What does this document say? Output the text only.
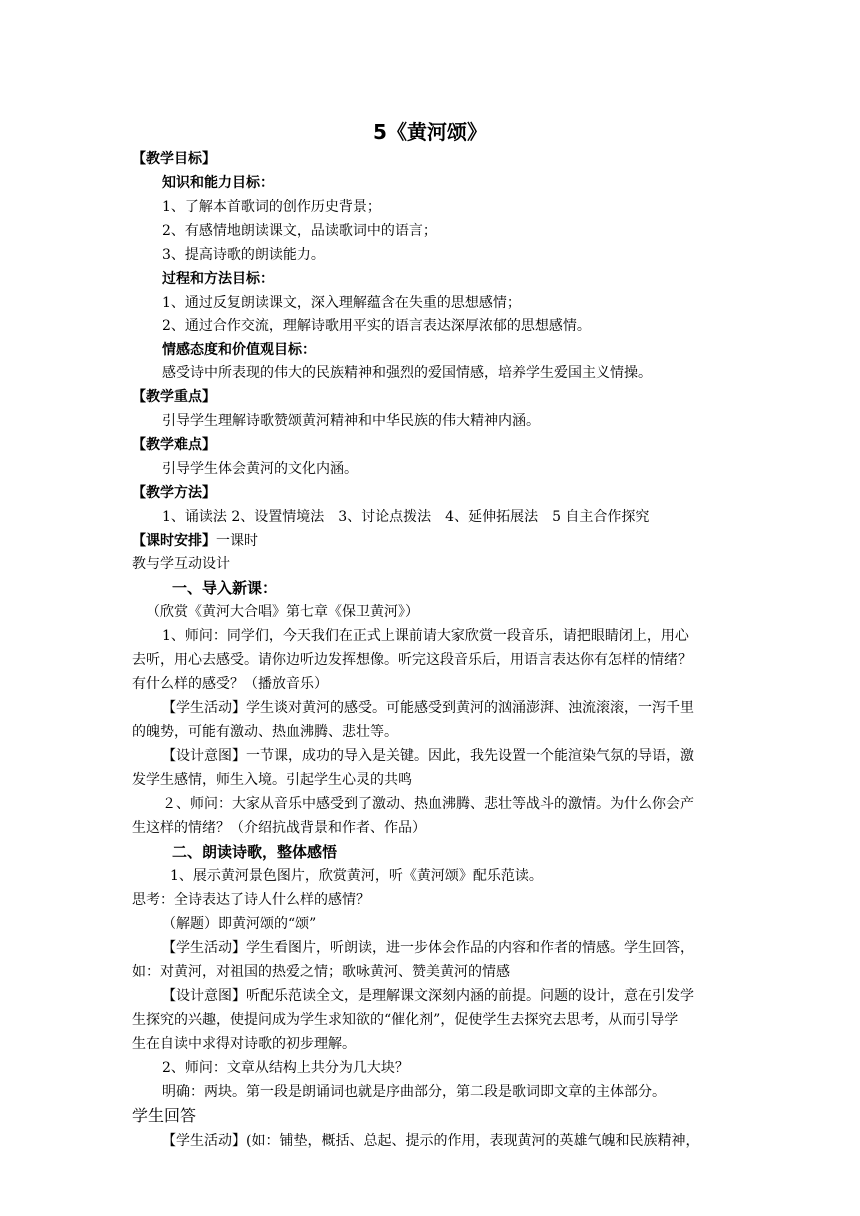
5《黄河颂》
【教学目标】
知识和能力目标：
1、了解本首歌词的创作历史背景；
2、有感情地朗读课文，品读歌词中的语言；
3、提高诗歌的朗读能力。
过程和方法目标：
1、通过反复朗读课文，深入理解蕴含在失重的思想感情；
2、通过合作交流，理解诗歌用平实的语言表达深厚浓郁的思想感情。
情感态度和价值观目标：
感受诗中所表现的伟大的民族精神和强烈的爱国情感，培养学生爱国主义情操。
【教学重点】
引导学生理解诗歌赞颂黄河精神和中华民族的伟大精神内涵。
【教学难点】
引导学生体会黄河的文化内涵。
【教学方法】
1、诵读法 2、设置情境法　3、讨论点拨法　4、延伸拓展法　5 自主合作探究
【课时安排】一课时
教与学互动设计
一、导入新课：
（欣赏《黄河大合唱》第七章《保卫黄河》）
1、师问：同学们，今天我们在正式上课前请大家欣赏一段音乐，请把眼睛闭上，用心
去听，用心去感受。请你边听边发挥想像。听完这段音乐后，用语言表达你有怎样的情绪？
有什么样的感受？（播放音乐）
【学生活动】学生谈对黄河的感受。可能感受到黄河的汹涌澎湃、浊流滚滚，一泻千里
的魄势，可能有激动、热血沸腾、悲壮等。
【设计意图】一节课，成功的导入是关键。因此，我先设置一个能渲染气氛的导语，激
发学生感情，师生入境。引起学生心灵的共鸣
２、师问：大家从音乐中感受到了激动、热血沸腾、悲壮等战斗的激情。为什么你会产
生这样的情绪？（介绍抗战背景和作者、作品）
二、朗读诗歌，整体感悟
1、展示黄河景色图片，欣赏黄河，听《黄河颂》配乐范读。
思考：全诗表达了诗人什么样的感情？
（解题）即黄河颂的“颂”
【学生活动】学生看图片，听朗读，进一步体会作品的内容和作者的情感。学生回答，
如：对黄河，对祖国的热爱之情；歌咏黄河、赞美黄河的情感
【设计意图】听配乐范读全文，是理解课文深刻内涵的前提。问题的设计，意在引发学
生探究的兴趣，使提问成为学生求知欲的“催化剂”，促使学生去探究去思考，从而引导学
生在自读中求得对诗歌的初步理解。
2、师问：文章从结构上共分为几大块？
明确：两块。第一段是朗诵词也就是序曲部分，第二段是歌词即文章的主体部分。
学生回答
【学生活动】(如：铺垫，概括、总起、提示的作用，表现黄河的英雄气魄和民族精神，
